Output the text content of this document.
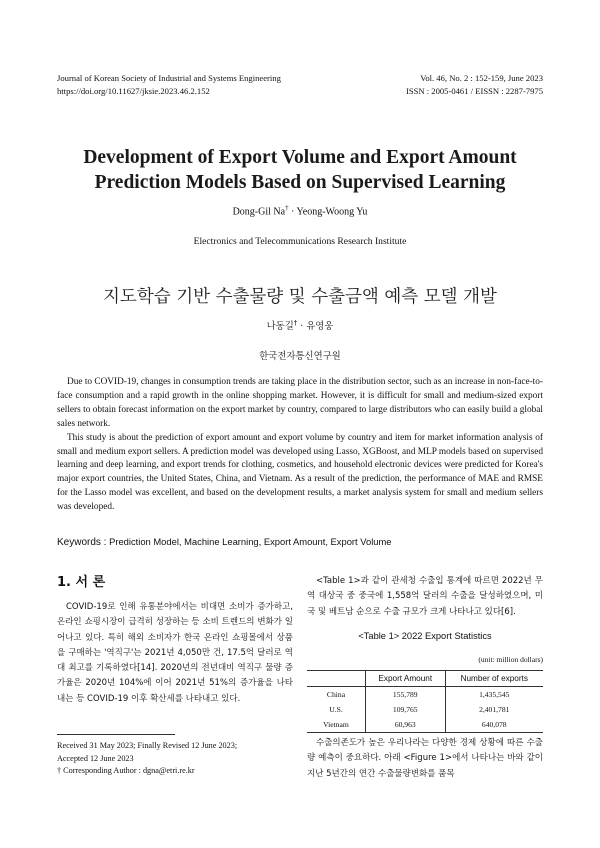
Journal of Korean Society of Industrial and Systems Engineering
https://doi.org/10.11627/jksie.2023.46.2.152
Vol. 46, No. 2 : 152-159, June 2023
ISSN : 2005-0461 / EISSN : 2287-7975
Development of Export Volume and Export Amount
Prediction Models Based on Supervised Learning
Dong-Gil Na† · Yeong-Woong Yu
Electronics and Telecommunications Research Institute
지도학습 기반 수출물량 및 수출금액 예측 모델 개발
나동길† · 유영웅
한국전자통신연구원

Due to COVID-19, changes in consumption trends are taking place in the distribution sector, such as an increase in non-face-to-face consumption and a rapid growth in the online shopping market. However, it is difficult for small and medium-sized export sellers to obtain forecast information on the export market by country, compared to large distributors who can easily build a global sales network.

This study is about the prediction of export amount and export volume by country and item for market information analysis of small and medium export sellers. A prediction model was developed using Lasso, XGBoost, and MLP models based on supervised learning and deep learning, and export trends for clothing, cosmetics, and household electronic devices were predicted for Korea's major export countries, the United States, China, and Vietnam. As a result of the prediction, the performance of MAE and RMSE for the Lasso model was excellent, and based on the development results, a market analysis system for small and medium sellers was developed.

Keywords : Prediction Model, Machine Learning, Export Amount, Export Volume
1. 서 론

COVID-19로 인해 유통분야에서는 비대면 소비가 증가하고, 온라인 쇼핑시장이 급격히 성장하는 등 소비 트렌드의 변화가 일어나고 있다. 특히 해외 소비자가 한국 온라인 쇼핑몰에서 상품을 구매하는 '역직구'는 2021년 4,050만 건, 17.5억 달러로 역대 최고를 기록하였다[14]. 2020년의 전년대비 역직구 물량 증가율은 2020년 104%에 이어 2021년 51%의 증가율을 나타내는 등 COVID-19 이후 확산세를 나타내고 있다.

Received 31 May 2023; Finally Revised 12 June 2023;
Accepted 12 June 2023
† Corresponding Author : dgna@etri.re.kr

<Table 1>과 같이 관세청 수출입 통계에 따르면 2022년 무역 대상국 중 중국에 1,558억 달러의 수출을 달성하였으며, 미국 및 베트남 순으로 수출 규모가 크게 나타나고 있다[6].

<Table 1> 2022 Export Statistics
(unit: million dollars)
	Export Amount	Number of exports
China	155,789	1,435,545
U.S.	109,765	2,401,781
Vietnam	60,963	640,078

수출의존도가 높은 우리나라는 다양한 경제 상황에 따른 수출량 예측이 중요하다. 아래 <Figure 1>에서 나타나는 바와 같이 지난 5년간의 연간 수출물량변화를 품목
